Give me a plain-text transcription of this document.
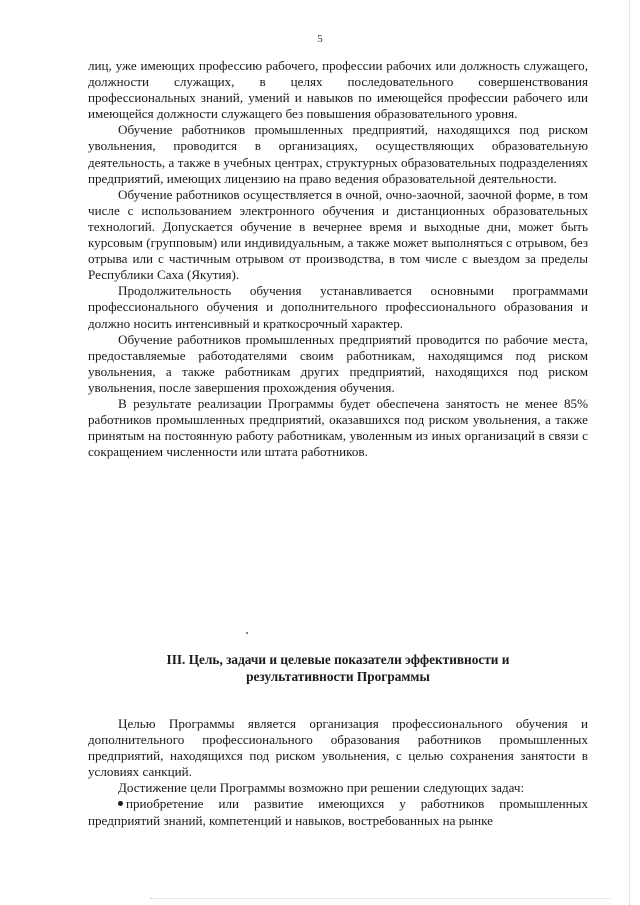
5

лиц, уже имеющих профессию рабочего, профессии рабочих или должность служащего, должности служащих, в целях последовательного совершенствования профессиональных знаний, умений и навыков по имеющейся профессии рабочего или имеющейся должности служащего без повышения образовательного уровня.

Обучение работников промышленных предприятий, находящихся под риском увольнения, проводится в организациях, осуществляющих образовательную деятельность, а также в учебных центрах, структурных образовательных подразделениях предприятий, имеющих лицензию на право ведения образовательной деятельности.

Обучение работников осуществляется в очной, очно-заочной, заочной форме, в том числе с использованием электронного обучения и дистанционных образовательных технологий. Допускается обучение в вечернее время и выходные дни, может быть курсовым (групповым) или индивидуальным, а также может выполняться с отрывом, без отрыва или с частичным отрывом от производства, в том числе с выездом за пределы Республики Саха (Якутия).

Продолжительность обучения устанавливается основными программами профессионального обучения и дополнительного профессионального образования и должно носить интенсивный и краткосрочный характер.

Обучение работников промышленных предприятий проводится по рабочие места, предоставляемые работодателями своим работникам, находящимся под риском увольнения, а также работникам других предприятий, находящихся под риском увольнения, после завершения прохождения обучения.

В результате реализации Программы будет обеспечена занятость не менее 85% работников промышленных предприятий, оказавшихся под риском увольнения, а также принятым на постоянную работу работникам, уволенным из иных организаций в связи с сокращением численности или штата работников.

III. Цель, задачи и целевые показатели эффективности и
результативности Программы

Целью Программы является организация профессионального обучения и дополнительного профессионального образования работников промышленных предприятий, находящихся под риском увольнения, с целью сохранения занятости в условиях санкций.

Достижение цели Программы возможно при решении следующих задач:

приобретение или развитие имеющихся у работников промышленных предприятий знаний, компетенций и навыков, востребованных на рынке
